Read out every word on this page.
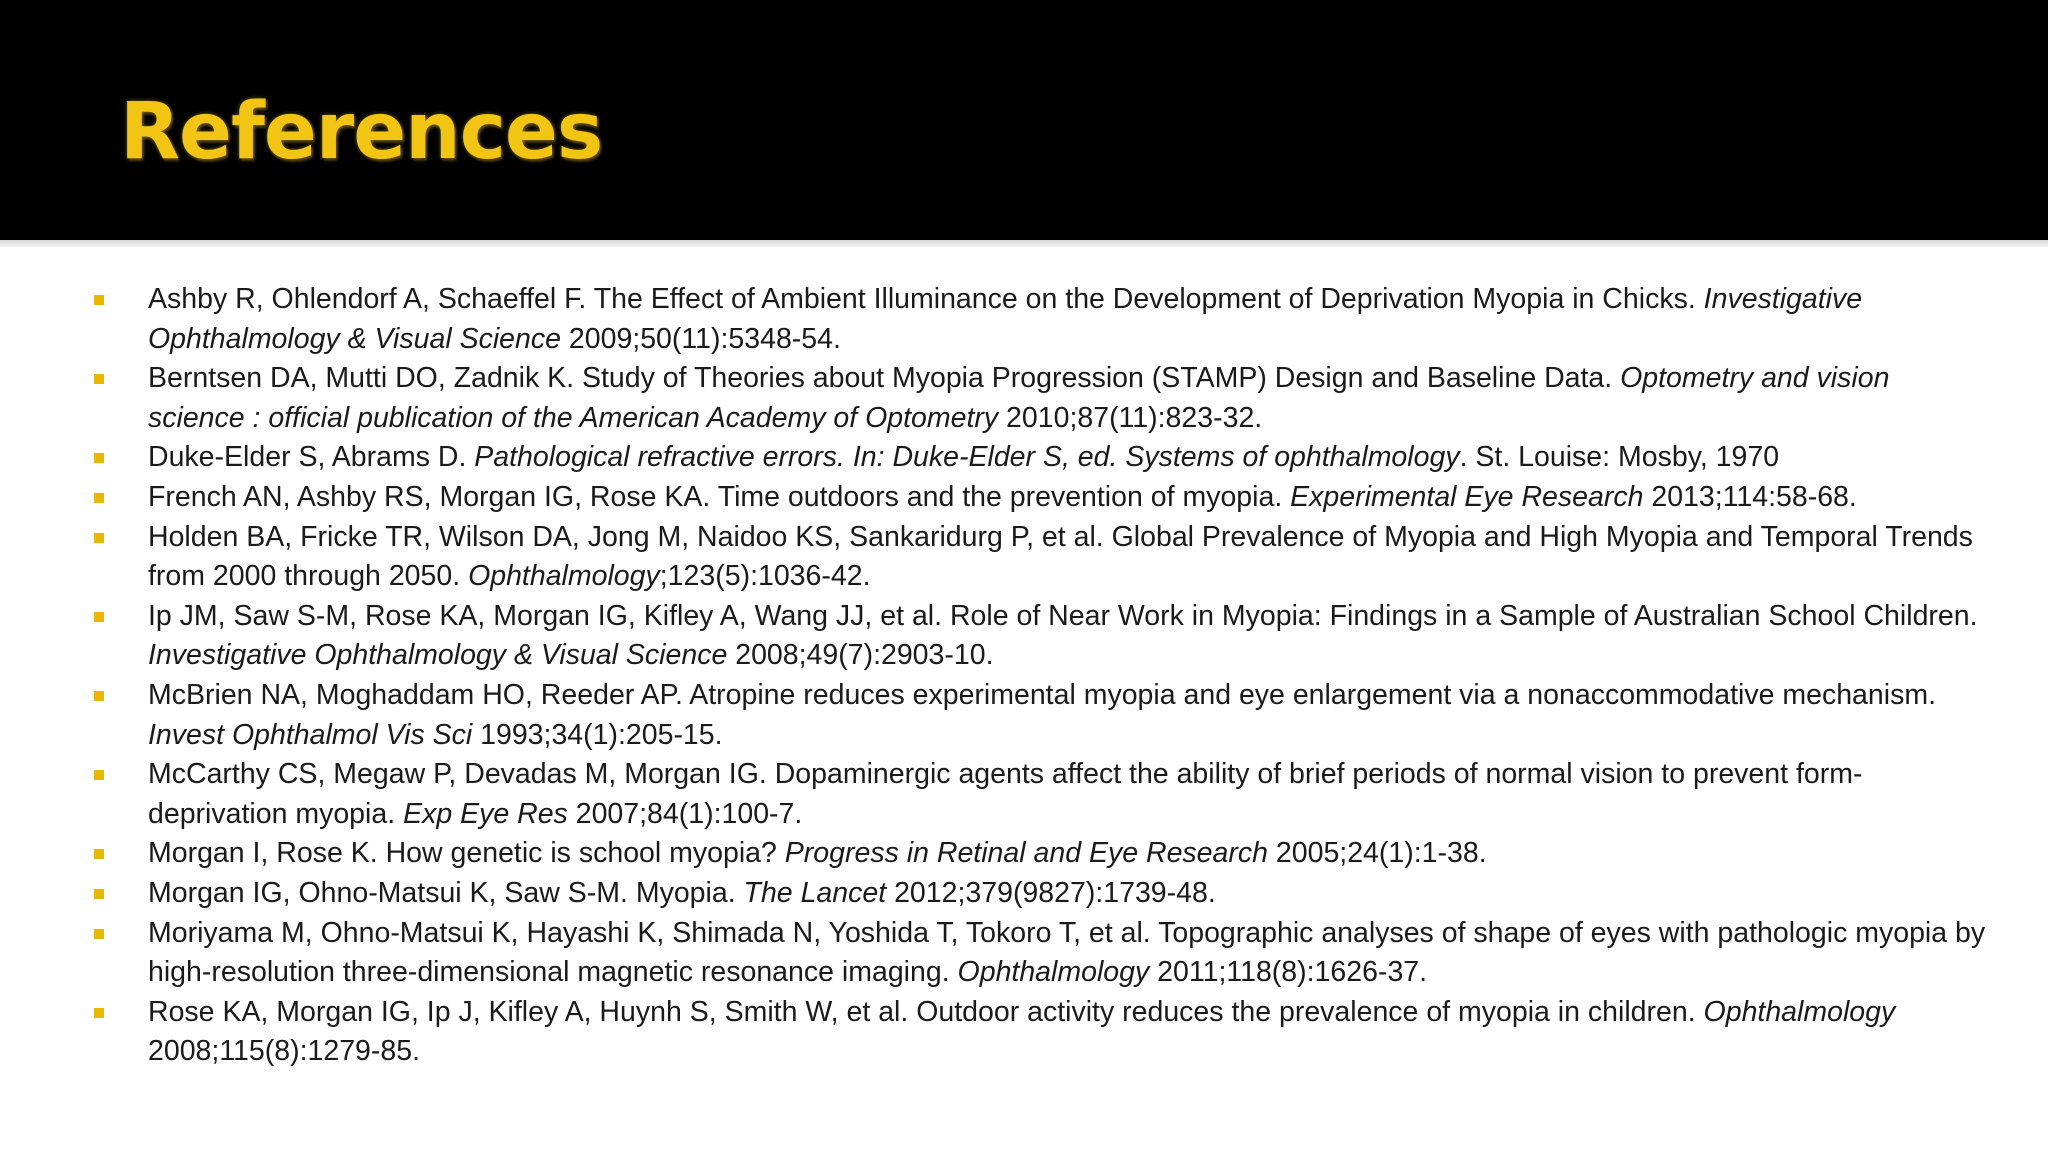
References
Ashby R, Ohlendorf A, Schaeffel F. The Effect of Ambient Illuminance on the Development of Deprivation Myopia in Chicks. Investigative Ophthalmology & Visual Science 2009;50(11):5348-54.
Berntsen DA, Mutti DO, Zadnik K. Study of Theories about Myopia Progression (STAMP) Design and Baseline Data. Optometry and vision science : official publication of the American Academy of Optometry 2010;87(11):823-32.
Duke-Elder S, Abrams D. Pathological refractive errors. In: Duke-Elder S, ed. Systems of ophthalmology. St. Louise: Mosby, 1970
French AN, Ashby RS, Morgan IG, Rose KA. Time outdoors and the prevention of myopia. Experimental Eye Research 2013;114:58-68.
Holden BA, Fricke TR, Wilson DA, Jong M, Naidoo KS, Sankaridurg P, et al. Global Prevalence of Myopia and High Myopia and Temporal Trends from 2000 through 2050. Ophthalmology;123(5):1036-42.
Ip JM, Saw S-M, Rose KA, Morgan IG, Kifley A, Wang JJ, et al. Role of Near Work in Myopia: Findings in a Sample of Australian School Children. Investigative Ophthalmology & Visual Science 2008;49(7):2903-10.
McBrien NA, Moghaddam HO, Reeder AP. Atropine reduces experimental myopia and eye enlargement via a nonaccommodative mechanism. Invest Ophthalmol Vis Sci 1993;34(1):205-15.
McCarthy CS, Megaw P, Devadas M, Morgan IG. Dopaminergic agents affect the ability of brief periods of normal vision to prevent form-deprivation myopia. Exp Eye Res 2007;84(1):100-7.
Morgan I, Rose K. How genetic is school myopia? Progress in Retinal and Eye Research 2005;24(1):1-38.
Morgan IG, Ohno-Matsui K, Saw S-M. Myopia. The Lancet 2012;379(9827):1739-48.
Moriyama M, Ohno-Matsui K, Hayashi K, Shimada N, Yoshida T, Tokoro T, et al. Topographic analyses of shape of eyes with pathologic myopia by high-resolution three-dimensional magnetic resonance imaging. Ophthalmology 2011;118(8):1626-37.
Rose KA, Morgan IG, Ip J, Kifley A, Huynh S, Smith W, et al. Outdoor activity reduces the prevalence of myopia in children. Ophthalmology 2008;115(8):1279-85.
